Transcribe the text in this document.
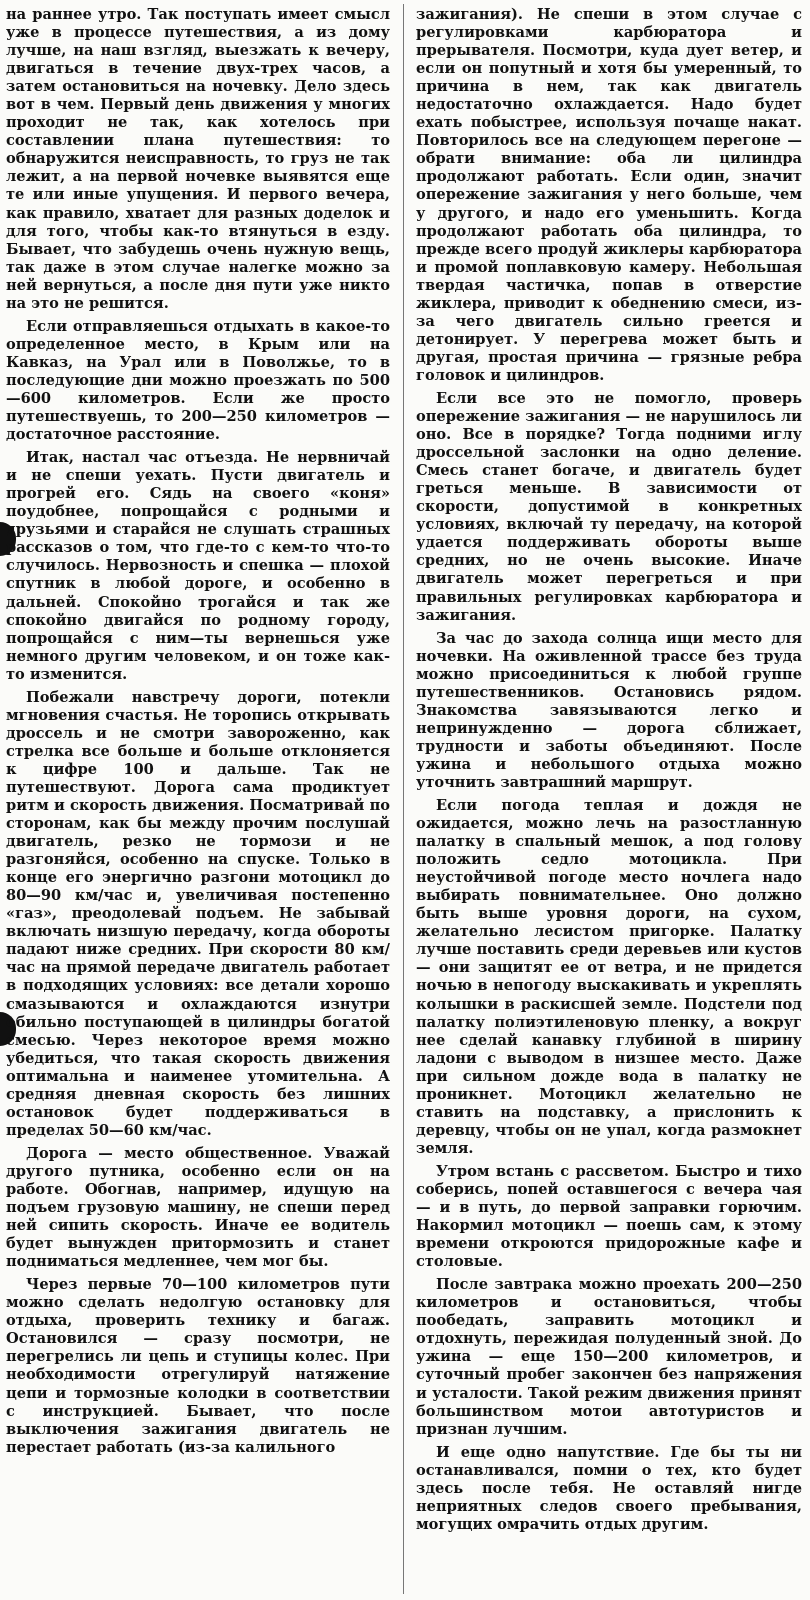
на раннее утро. Так поступать имеет смысл уже в процессе путешествия, а из дому лучше, на наш взгляд, выезжать к вечеру, двигаться в течение двух-трех часов, а затем остановиться на ночевку. Дело здесь вот в чем. Первый день движения у многих проходит не так, как хотелось при составлении плана путешествия: то обнаружится неисправность, то груз не так лежит, а на первой ночевке выявятся еще те или иные упущения. И первого вечера, как правило, хватает для разных доделок и для того, чтобы как-то втянуться в езду. Бывает, что забудешь очень нужную вещь, так даже в этом случае налегке можно за ней вернуться, а после дня пути уже никто на это не решится.

Если отправляешься отдыхать в какое-то определенное место, в Крым или на Кавказ, на Урал или в Поволжье, то в последующие дни можно проезжать по 500—600 километров. Если же просто путешествуешь, то 200—250 километров — достаточное расстояние.

Итак, настал час отъезда. Не нервничай и не спеши уехать. Пусти двигатель и прогрей его. Сядь на своего «коня» поудобнее, попрощайся с родными и друзьями и старайся не слушать страшных рассказов о том, что где-то с кем-то что-то случилось. Нервозность и спешка — плохой спутник в любой дороге, и особенно в дальней. Спокойно трогайся и так же спокойно двигайся по родному городу, попрощайся с ним—ты вернешься уже немного другим человеком, и он тоже как-то изменится.

Побежали навстречу дороги, потекли мгновения счастья. Не торопись открывать дроссель и не смотри завороженно, как стрелка все больше и больше отклоняется к цифре 100 и дальше. Так не путешествуют. Дорога сама продиктует ритм и скорость движения. Посматривай по сторонам, как бы между прочим послушай двигатель, резко не тормози и не разгоняйся, особенно на спуске. Только в конце его энергично разгони мотоцикл до 80—90 км/час и, увеличивая постепенно «газ», преодолевай подъем. Не забывай включать низшую передачу, когда обороты падают ниже средних. При скорости 80 км/час на прямой передаче двигатель работает в подходящих условиях: все детали хорошо смазываются и охлаждаются изнутри обильно поступающей в цилиндры богатой смесью. Через некоторое время можно убедиться, что такая скорость движения оптимальна и наименее утомительна. А средняя дневная скорость без лишних остановок будет поддерживаться в пределах 50—60 км/час.

Дорога — место общественное. Уважай другого путника, особенно если он на работе. Обогнав, например, идущую на подъем грузовую машину, не спеши перед ней сипить скорость. Иначе ее водитель будет вынужден притормозить и станет подниматься медленнее, чем мог бы.

Через первые 70—100 километров пути можно сделать недолгую остановку для отдыха, проверить технику и багаж. Остановился — сразу посмотри, не перегрелись ли цепь и ступицы колес. При необходимости отрегулируй натяжение цепи и тормозные колодки в соответствии с инструкцией. Бывает, что после выключения зажигания двигатель не перестает работать (из-за калильного

зажигания). Не спеши в этом случае с регулировками карбюратора и прерывателя. Посмотри, куда дует ветер, и если он попутный и хотя бы умеренный, то причина в нем, так как двигатель недостаточно охлаждается. Надо будет ехать побыстрее, используя почаще накат. Повторилось все на следующем перегоне — обрати внимание: оба ли цилиндра продолжают работать. Если один, значит опережение зажигания у него больше, чем у другого, и надо его уменьшить. Когда продолжают работать оба цилиндра, то прежде всего продуй жиклеры карбюратора и промой поплавковую камеру. Небольшая твердая частичка, попав в отверстие жиклера, приводит к обеднению смеси, из-за чего двигатель сильно греется и детонирует. У перегрева может быть и другая, простая причина — грязные ребра головок и цилиндров.

Если все это не помогло, проверь опережение зажигания — не нарушилось ли оно. Все в порядке? Тогда подними иглу дроссельной заслонки на одно деление. Смесь станет богаче, и двигатель будет греться меньше. В зависимости от скорости, допустимой в конкретных условиях, включай ту передачу, на которой удается поддерживать обороты выше средних, но не очень высокие. Иначе двигатель может перегреться и при правильных регулировках карбюратора и зажигания.

За час до захода солнца ищи место для ночевки. На оживленной трассе без труда можно присоединиться к любой группе путешественников. Остановись рядом. Знакомства завязываются легко и непринужденно — дорога сближает, трудности и заботы объединяют. После ужина и небольшого отдыха можно уточнить завтрашний маршрут.

Если погода теплая и дождя не ожидается, можно лечь на разостланную палатку в спальный мешок, а под голову положить седло мотоцикла. При неустойчивой погоде место ночлега надо выбирать повнимательнее. Оно должно быть выше уровня дороги, на сухом, желательно лесистом пригорке. Палатку лучше поставить среди деревьев или кустов — они защитят ее от ветра, и не придется ночью в непогоду выскакивать и укреплять колышки в раскисшей земле. Подстели под палатку полиэтиленовую пленку, а вокруг нее сделай канавку глубиной в ширину ладони с выводом в низшее место. Даже при сильном дожде вода в палатку не проникнет. Мотоцикл желательно не ставить на подставку, а прислонить к деревцу, чтобы он не упал, когда размокнет земля.

Утром встань с рассветом. Быстро и тихо соберись, попей оставшегося с вечера чая — и в путь, до первой заправки горючим. Накормил мотоцикл — поешь сам, к этому времени откроются придорожные кафе и столовые.

После завтрака можно проехать 200—250 километров и остановиться, чтобы пообедать, заправить мотоцикл и отдохнуть, пережидая полуденный зной. До ужина — еще 150—200 километров, и суточный пробег закончен без напряжения и усталости. Такой режим движения принят большинством мотои автотуристов и признан лучшим.

И еще одно напутствие. Где бы ты ни останавливался, помни о тех, кто будет здесь после тебя. Не оставляй нигде неприятных следов своего пребывания, могущих омрачить отдых другим.
